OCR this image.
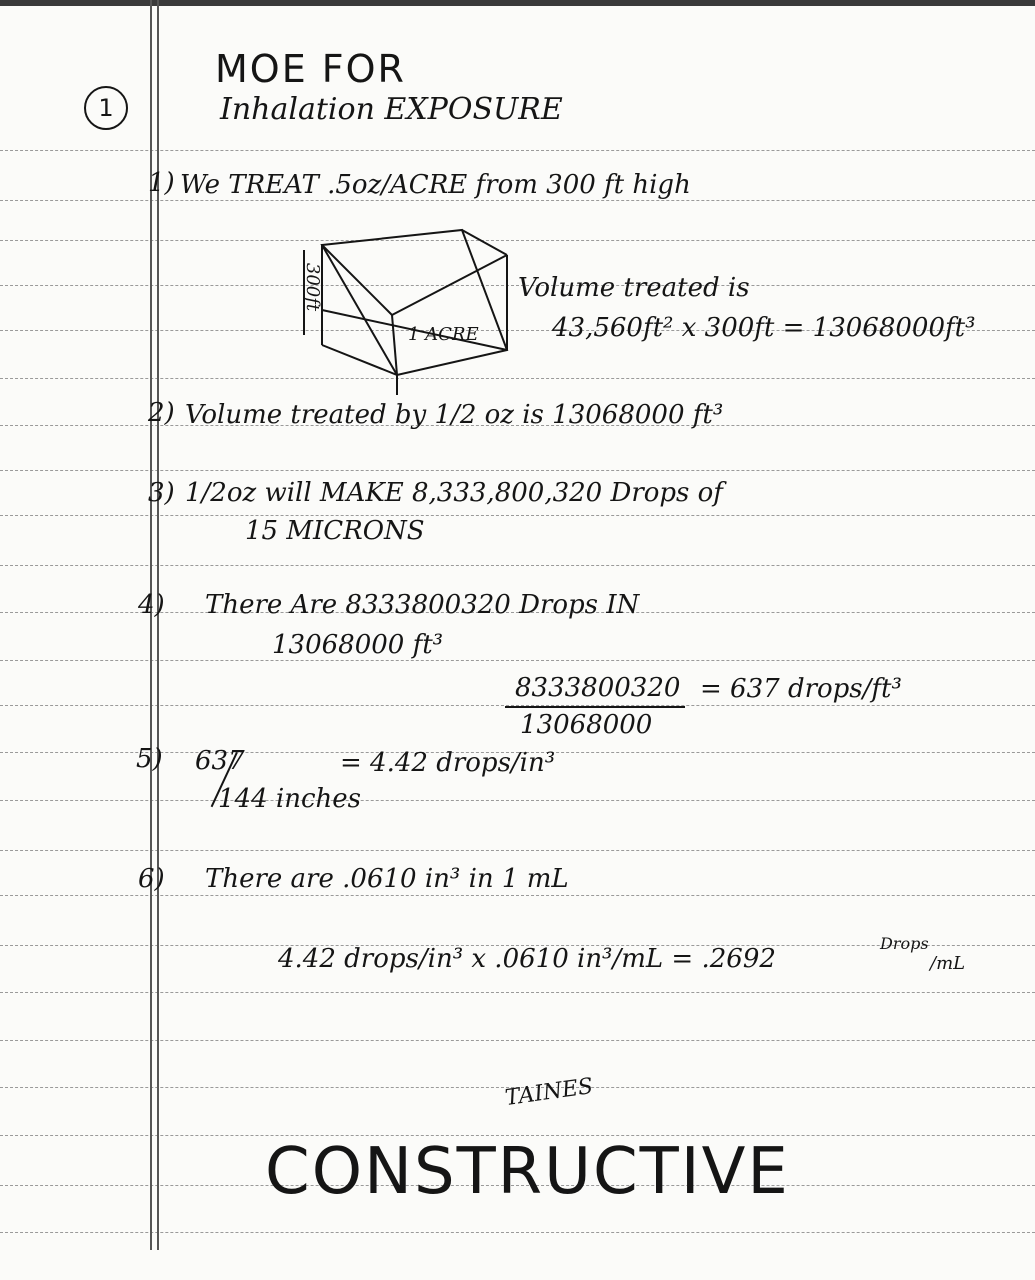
1
MOE FOR
Inhalation EXPOSURE
1) We TREAT .5oz/ACRE from 300 ft high
300ft
1 ACRE
Volume treated is
43,560ft² x 300ft = 13068000ft³
2) Volume treated by 1/2 oz is 13068000 ft³
3) 1/2oz will MAKE 8,333,800,320 Drops of
15 MICRONS
4) There Are 8333800320 Drops IN
13068000 ft³
8333800320
13068000
= 637 drops/ft³
5) 637
144 inches
= 4.42 drops/in³
6) There are .0610 in³ in 1 mL
4.42 drops/in³ x .0610 in³/mL = .2692
Drops
/mL
TAINES
CONSTRUCTIVE
